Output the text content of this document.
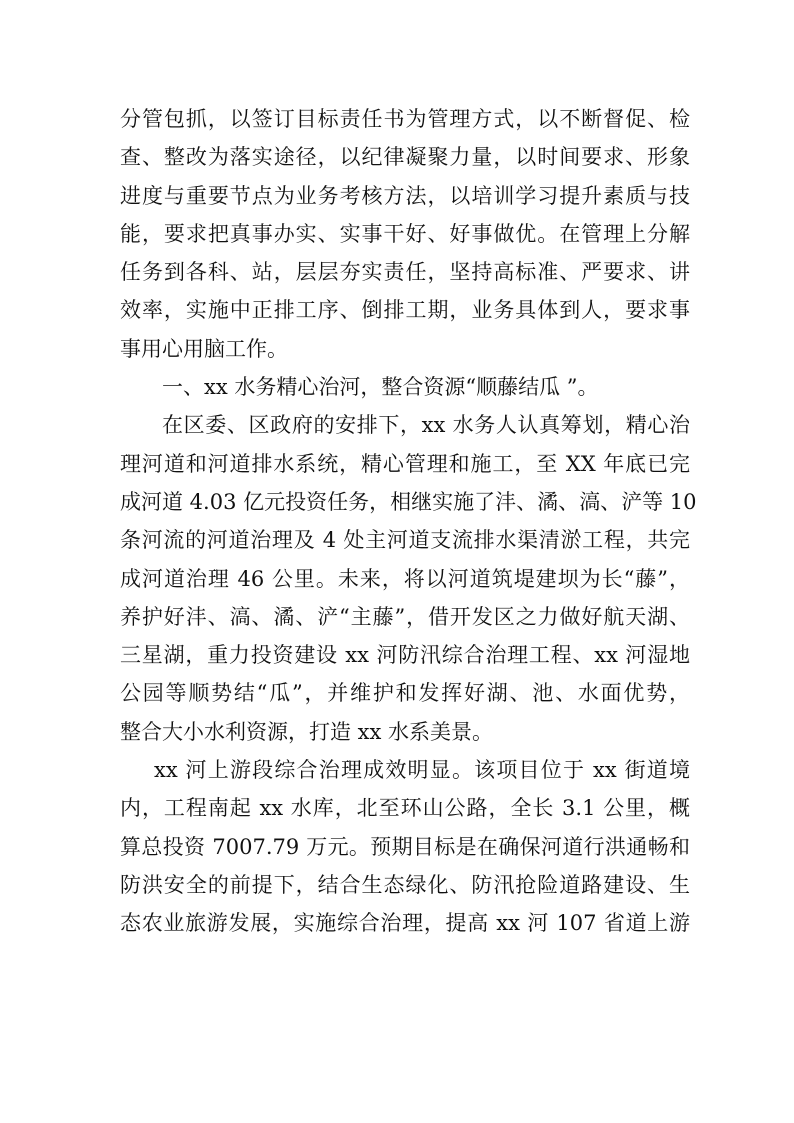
分管包抓，以签订目标责任书为管理方式，以不断督促、检
查、整改为落实途径，以纪律凝聚力量，以时间要求、形象
进度与重要节点为业务考核方法，以培训学习提升素质与技
能，要求把真事办实、实事干好、好事做优。在管理上分解
任务到各科、站，层层夯实责任，坚持高标准、严要求、讲
效率，实施中正排工序、倒排工期，业务具体到人，要求事
事用心用脑工作。
一、xx 水务精心治河，整合资源“顺藤结瓜 ”。
在区委、区政府的安排下，xx 水务人认真筹划，精心治
理河道和河道排水系统，精心管理和施工，至 XX 年底已完
成河道 4.03 亿元投资任务，相继实施了沣、潏、滈、浐等 10
条河流的河道治理及 4 处主河道支流排水渠清淤工程，共完
成河道治理 46 公里。未来，将以河道筑堤建坝为长“藤”，
养护好沣、滈、潏、浐“主藤”，借开发区之力做好航天湖、
三星湖，重力投资建设 xx 河防汛综合治理工程、xx 河湿地
公园等顺势结“瓜”，并维护和发挥好湖、池、水面优势，
整合大小水利资源，打造 xx 水系美景。
xx 河上游段综合治理成效明显。该项目位于 xx 街道境
内，工程南起 xx 水库，北至环山公路，全长 3.1 公里，概
算总投资 7007.79 万元。预期目标是在确保河道行洪通畅和
防洪安全的前提下，结合生态绿化、防汛抢险道路建设、生
态农业旅游发展，实施综合治理，提高 xx 河 107 省道上游
